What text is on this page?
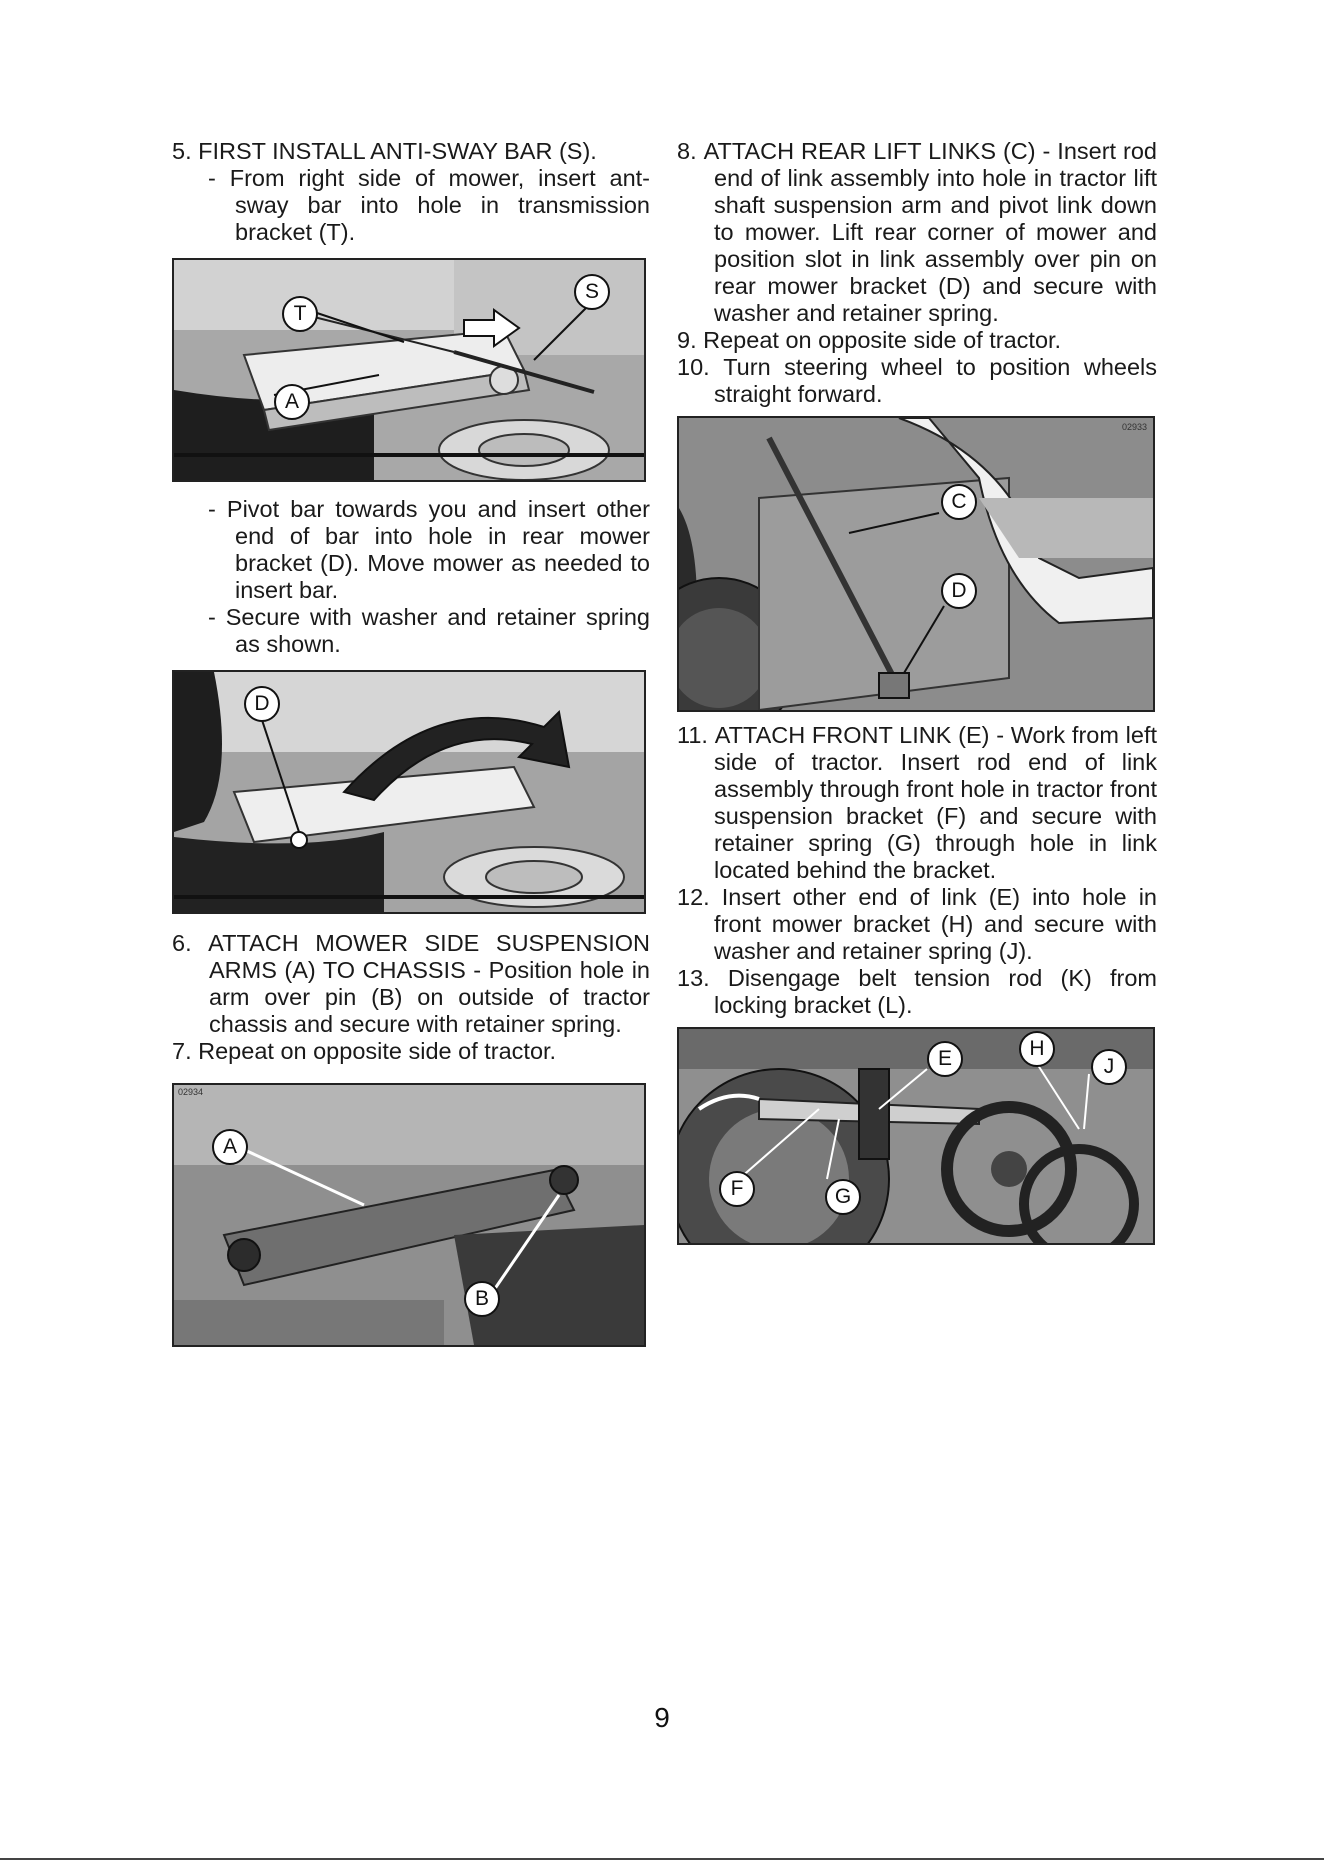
5. FIRST INSTALL ANTI-SWAY BAR (S).

- From right side of mower, insert ant-sway bar into hole in transmission bracket (T).

T
S
A

- Pivot bar towards you and insert other end of bar into hole in rear mower bracket (D). Move mower as needed to insert bar.

- Secure with washer and retainer spring as shown.

D

6. ATTACH MOWER SIDE SUSPENSION ARMS (A) TO CHASSIS - Position hole in arm over pin (B) on outside of tractor chassis and secure with retainer spring.

7. Repeat on opposite side of tractor.

02934
A
B

8. ATTACH REAR LIFT LINKS (C) - Insert rod end of link assembly into hole in tractor lift shaft suspension arm and pivot link down to mower. Lift rear corner of mower and position slot in link assembly over pin on rear mower bracket (D) and secure with washer and retainer spring.

9. Repeat on opposite side of tractor.

10. Turn steering wheel to position wheels straight forward.

02933
C
D

11. ATTACH FRONT LINK (E) - Work from left side of tractor. Insert rod end of link assembly through front hole in tractor front suspension bracket (F) and secure with retainer spring (G) through hole in link located behind the bracket.

12. Insert other end of link (E) into hole in front mower bracket (H) and secure with washer and retainer spring (J).

13. Disengage belt tension rod (K) from locking bracket (L).

E	H
J
F	G
9
